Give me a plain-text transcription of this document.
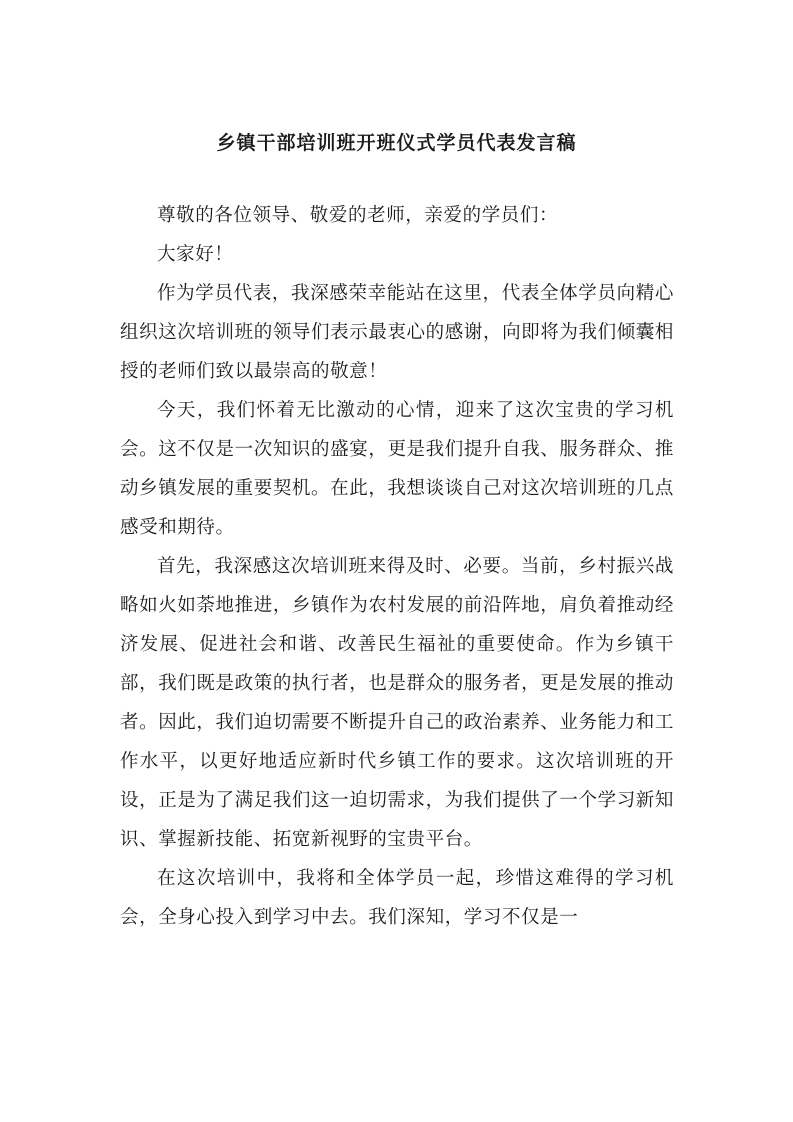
乡镇干部培训班开班仪式学员代表发言稿

尊敬的各位领导、敬爱的老师，亲爱的学员们：

大家好！

作为学员代表，我深感荣幸能站在这里，代表全体学员向精心组织这次培训班的领导们表示最衷心的感谢，向即将为我们倾囊相授的老师们致以最崇高的敬意！

今天，我们怀着无比激动的心情，迎来了这次宝贵的学习机会。这不仅是一次知识的盛宴，更是我们提升自我、服务群众、推动乡镇发展的重要契机。在此，我想谈谈自己对这次培训班的几点感受和期待。

首先，我深感这次培训班来得及时、必要。当前，乡村振兴战略如火如荼地推进，乡镇作为农村发展的前沿阵地，肩负着推动经济发展、促进社会和谐、改善民生福祉的重要使命。作为乡镇干部，我们既是政策的执行者，也是群众的服务者，更是发展的推动者。因此，我们迫切需要不断提升自己的政治素养、业务能力和工作水平，以更好地适应新时代乡镇工作的要求。这次培训班的开设，正是为了满足我们这一迫切需求，为我们提供了一个学习新知识、掌握新技能、拓宽新视野的宝贵平台。

在这次培训中，我将和全体学员一起，珍惜这难得的学习机会，全身心投入到学习中去。我们深知，学习不仅是一
